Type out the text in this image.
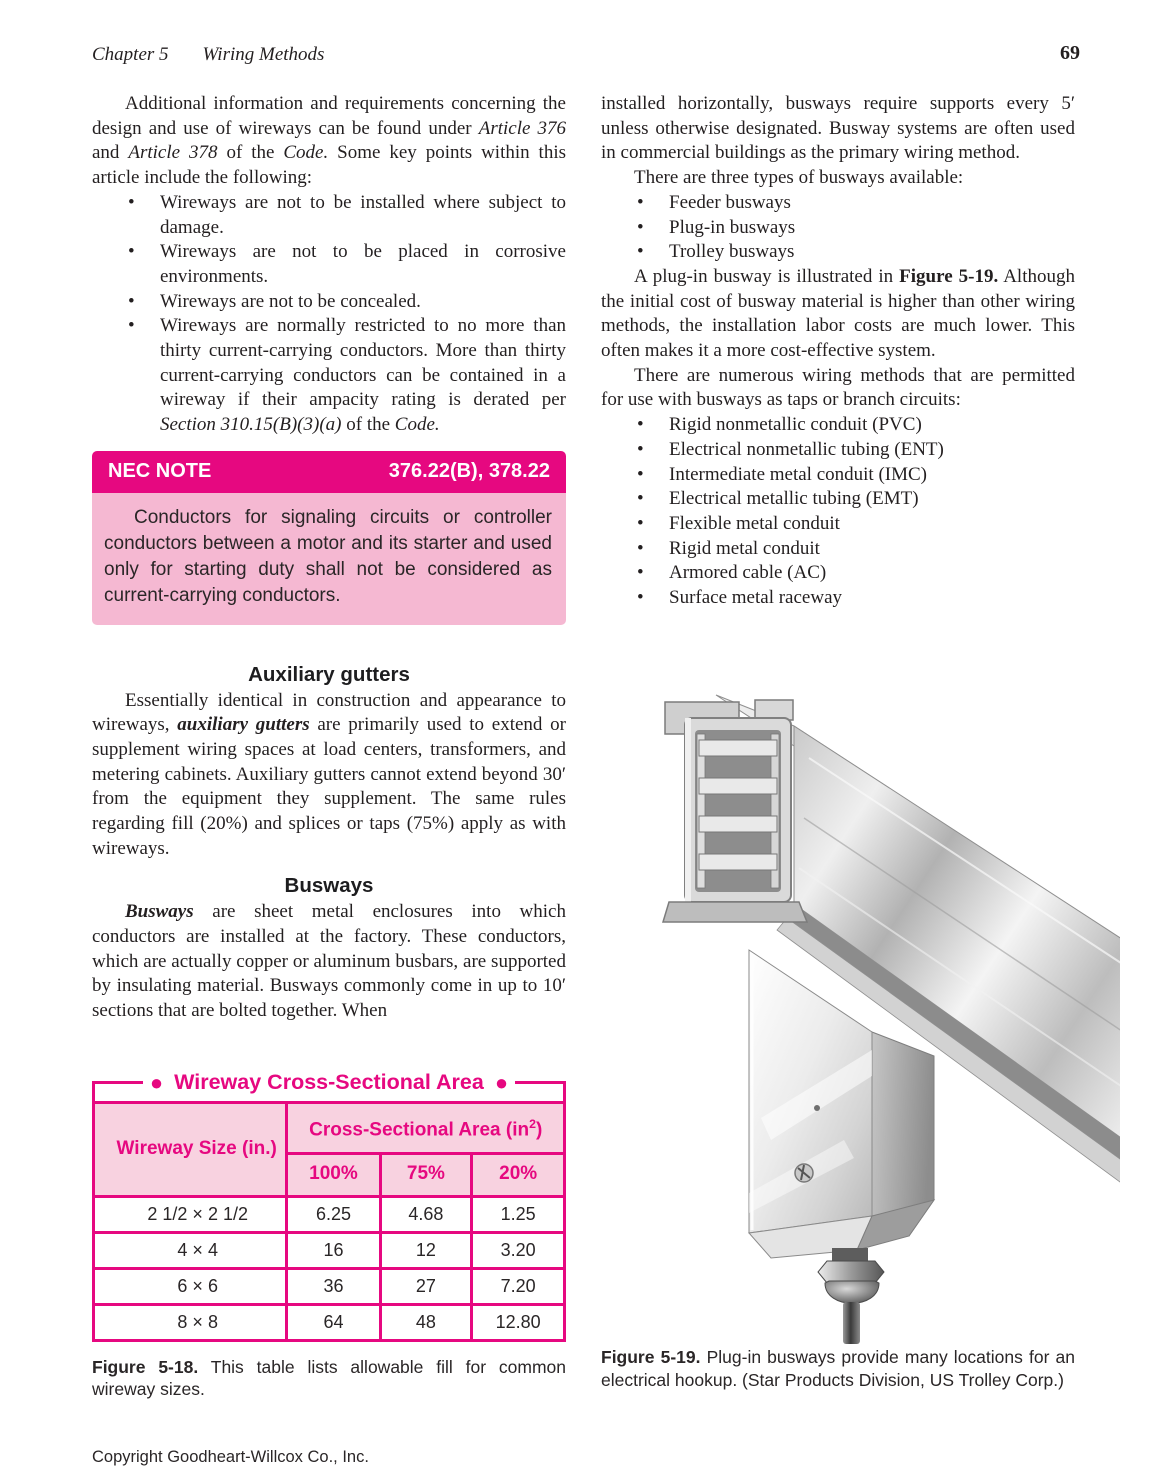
Chapter 5 Wiring Methods	69

Additional information and requirements concerning the design and use of wireways can be found under Article 376 and Article 378 of the Code. Some key points within this article include the following:

• Wireways are not to be installed where subject to damage.
• Wireways are not to be placed in corrosive environments.
• Wireways are not to be concealed.
• Wireways are normally restricted to no more than thirty current-carrying conductors. More than thirty current-carrying conductors can be contained in a wireway if their ampacity rating is derated per Section 310.15(B)(3)(a) of the Code.
NEC NOTE	376.22(B), 378.22

Conductors for signaling circuits or controller conductors between a motor and its starter and used only for starting duty shall not be considered as current-carrying conductors.

Auxiliary gutters

Essentially identical in construction and appearance to wireways, auxiliary gutters are primarily used to extend or supplement wiring spaces at load centers, transformers, and metering cabinets. Auxiliary gutters cannot extend beyond 30′ from the equipment they supplement. The same rules regarding fill (20%) and splices or taps (75%) apply as with wireways.

Busways

Busways are sheet metal enclosures into which conductors are installed at the factory. These conductors, which are actually copper or aluminum busbars, are supported by insulating material. Busways commonly come in up to 10′ sections that are bolted together. When

● Wireway Cross-Sectional Area ●
Wireway Size (in.)	Cross-Sectional Area $(in^2)$		
	100%	75%	20%
2 1/2 × 2 1/2	6.25	4.68	1.25
4 × 4	16	12	3.20
6 × 6	36	27	7.20
8 × 8	64	48	12.80

Figure 5-18. This table lists allowable fill for common wireway sizes.

installed horizontally, busways require supports every 5′ unless otherwise designated. Busway systems are often used in commercial buildings as the primary wiring method.

There are three types of busways available:

• Feeder busways
• Plug-in busways
• Trolley busways

A plug-in busway is illustrated in Figure 5-19. Although the initial cost of busway material is higher than other wiring methods, the installation labor costs are much lower. This often makes it a more cost-effective system.

There are numerous wiring methods that are permitted for use with busways as taps or branch circuits:

• Rigid nonmetallic conduit (PVC)
• Electrical nonmetallic tubing (ENT)
• Intermediate metal conduit (IMC)
• Electrical metallic tubing (EMT)
• Flexible metal conduit
• Rigid metal conduit
• Armored cable (AC)
• Surface metal raceway

Figure 5-19. Plug-in busways provide many locations for an electrical hookup. (Star Products Division, US Trolley Corp.)

Copyright Goodheart-Willcox Co., Inc.
